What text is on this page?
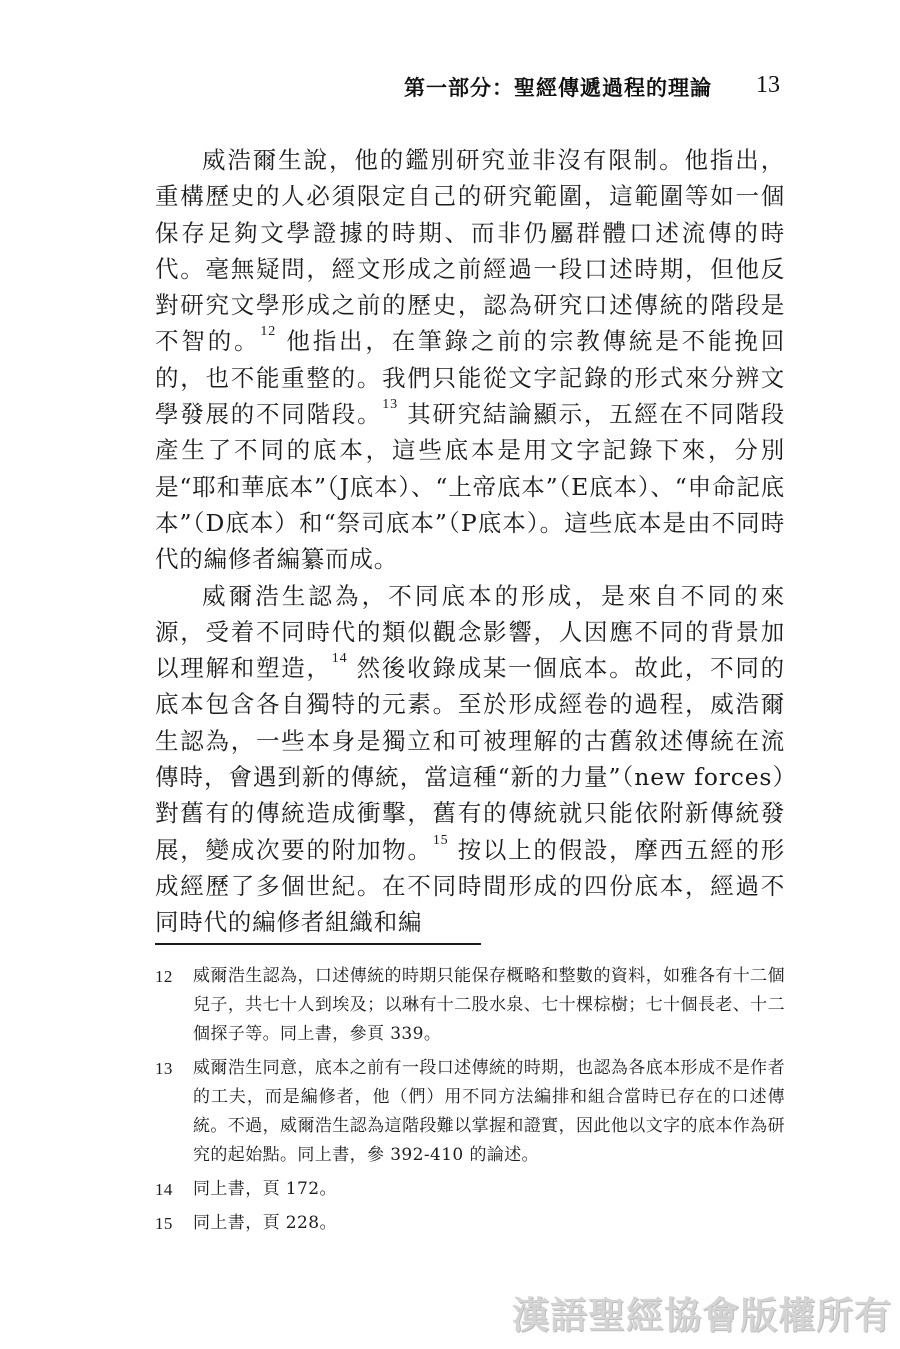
第一部分：聖經傳遞過程的理論 13

威浩爾生說，他的鑑別研究並非沒有限制。他指出，重構歷史的人必須限定自己的研究範圍，這範圍等如一個保存足夠文學證據的時期、而非仍屬群體口述流傳的時代。毫無疑問，經文形成之前經過一段口述時期，但他反對研究文學形成之前的歷史，認為研究口述傳統的階段是不智的。$^{12}$ 他指出，在筆錄之前的宗教傳統是不能挽回的，也不能重整的。我們只能從文字記錄的形式來分辨文學發展的不同階段。$^{13}$ 其研究結論顯示，五經在不同階段產生了不同的底本，這些底本是用文字記錄下來，分別是“耶和華底本”（J底本）、“上帝底本”（E底本）、“申命記底本”（D底本）和“祭司底本”（P底本）。這些底本是由不同時代的編修者編纂而成。

威爾浩生認為，不同底本的形成，是來自不同的來源，受着不同時代的類似觀念影響，人因應不同的背景加以理解和塑造，$^{14}$ 然後收錄成某一個底本。故此，不同的底本包含各自獨特的元素。至於形成經卷的過程，威浩爾生認為，一些本身是獨立和可被理解的古舊敘述傳統在流傳時，會遇到新的傳統，當這種“新的力量”（new forces）對舊有的傳統造成衝擊，舊有的傳統就只能依附新傳統發展，變成次要的附加物。$^{15}$ 按以上的假設，摩西五經的形成經歷了多個世紀。在不同時間形成的四份底本，經過不同時代的編修者組織和編

12 威爾浩生認為，口述傳統的時期只能保存概略和整數的資料，如雅各有十二個兒子，共七十人到埃及；以琳有十二股水泉、七十棵棕樹；七十個長老、十二個探子等。同上書，參頁 339。
13 威爾浩生同意，底本之前有一段口述傳統的時期，也認為各底本形成不是作者的工夫，而是編修者，他（們）用不同方法編排和組合當時已存在的口述傳統。不過，威爾浩生認為這階段難以掌握和證實，因此他以文字的底本作為研究的起始點。同上書，參 392-410 的論述。
14 同上書，頁 172。
15 同上書，頁 228。
漢語聖經協會版權所有
